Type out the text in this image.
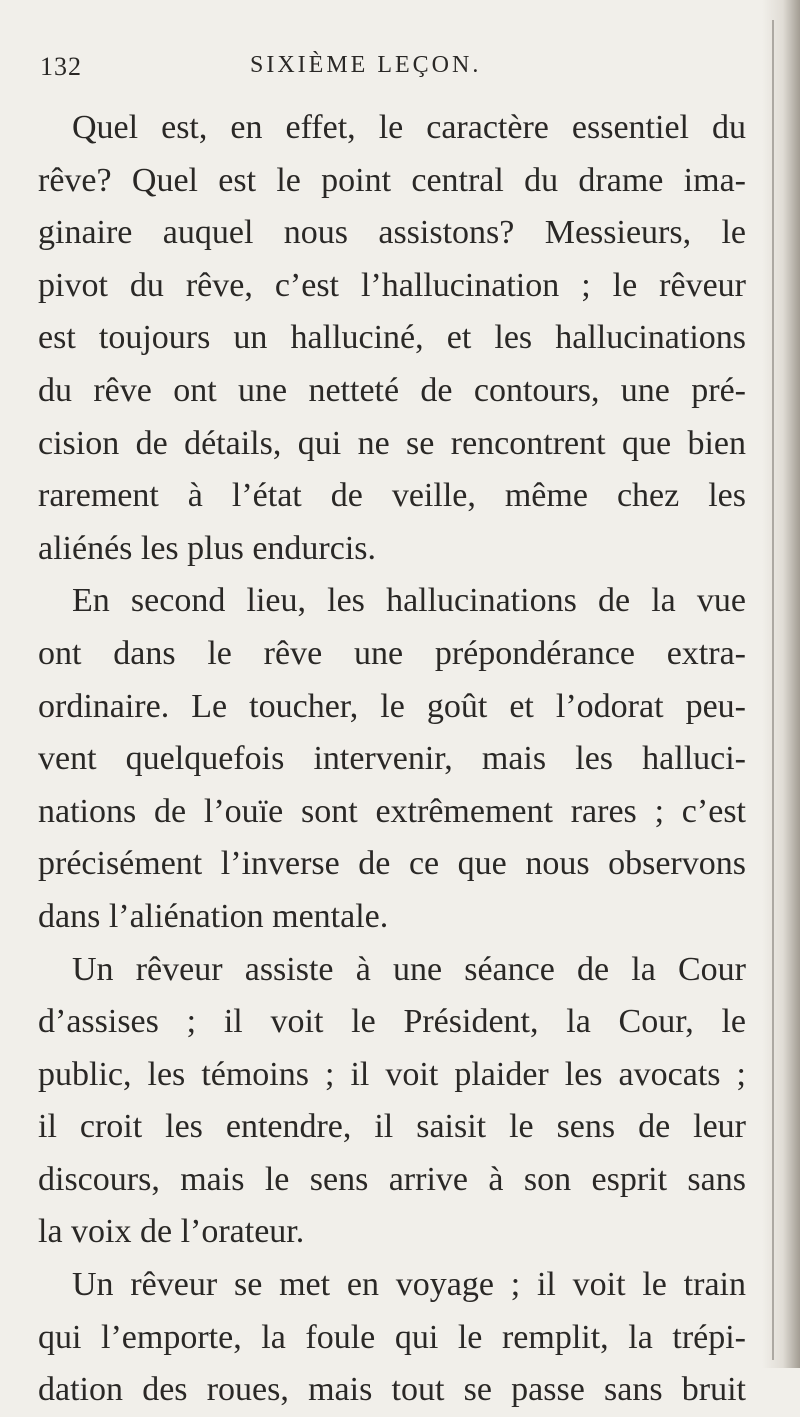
132	SIXIÈME LEÇON.
Quel est, en effet, le caractère essentiel du
rêve? Quel est le point central du drame ima-
ginaire auquel nous assistons? Messieurs, le
pivot du rêve, c’est l’hallucination ; le rêveur
est toujours un halluciné, et les hallucinations
du rêve ont une netteté de contours, une pré-
cision de détails, qui ne se rencontrent que bien
rarement à l’état de veille, même chez les
aliénés les plus endurcis.
En second lieu, les hallucinations de la vue
ont dans le rêve une prépondérance extra-
ordinaire. Le toucher, le goût et l’odorat peu-
vent quelquefois intervenir, mais les halluci-
nations de l’ouïe sont extrêmement rares ; c’est
précisément l’inverse de ce que nous observons
dans l’aliénation mentale.
Un rêveur assiste à une séance de la Cour
d’assises ; il voit le Président, la Cour, le
public, les témoins ; il voit plaider les avocats ;
il croit les entendre, il saisit le sens de leur
discours, mais le sens arrive à son esprit sans
la voix de l’orateur.
Un rêveur se met en voyage ; il voit le train
qui l’emporte, la foule qui le remplit, la trépi-
dation des roues, mais tout se passe sans bruit
